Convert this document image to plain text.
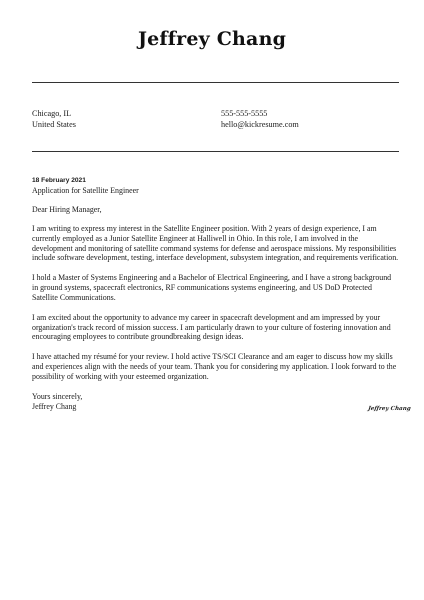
Jeffrey Chang
Chicago, IL
United States
555-555-5555
hello@kickresume.com
18 February 2021
Application for Satellite Engineer
Dear Hiring Manager,

I am writing to express my interest in the Satellite Engineer position. With 2 years of design experience, I am currently employed as a Junior Satellite Engineer at Halliwell in Ohio. In this role, I am involved in the development and monitoring of satellite command systems for defense and aerospace missions. My responsibilities include software development, testing, interface development, subsystem integration, and requirements verification.

I hold a Master of Systems Engineering and a Bachelor of Electrical Engineering, and I have a strong background in ground systems, spacecraft electronics, RF communications systems engineering, and US DoD Protected Satellite Communications.

I am excited about the opportunity to advance my career in spacecraft development and am impressed by your organization's track record of mission success. I am particularly drawn to your culture of fostering innovation and encouraging employees to contribute groundbreaking design ideas.

I have attached my résumé for your review. I hold active TS/SCI Clearance and am eager to discuss how my skills and experiences align with the needs of your team. Thank you for considering my application. I look forward to the possibility of working with your esteemed organization.

Yours sincerely,
Jeffrey Chang	Jeffrey Chang
